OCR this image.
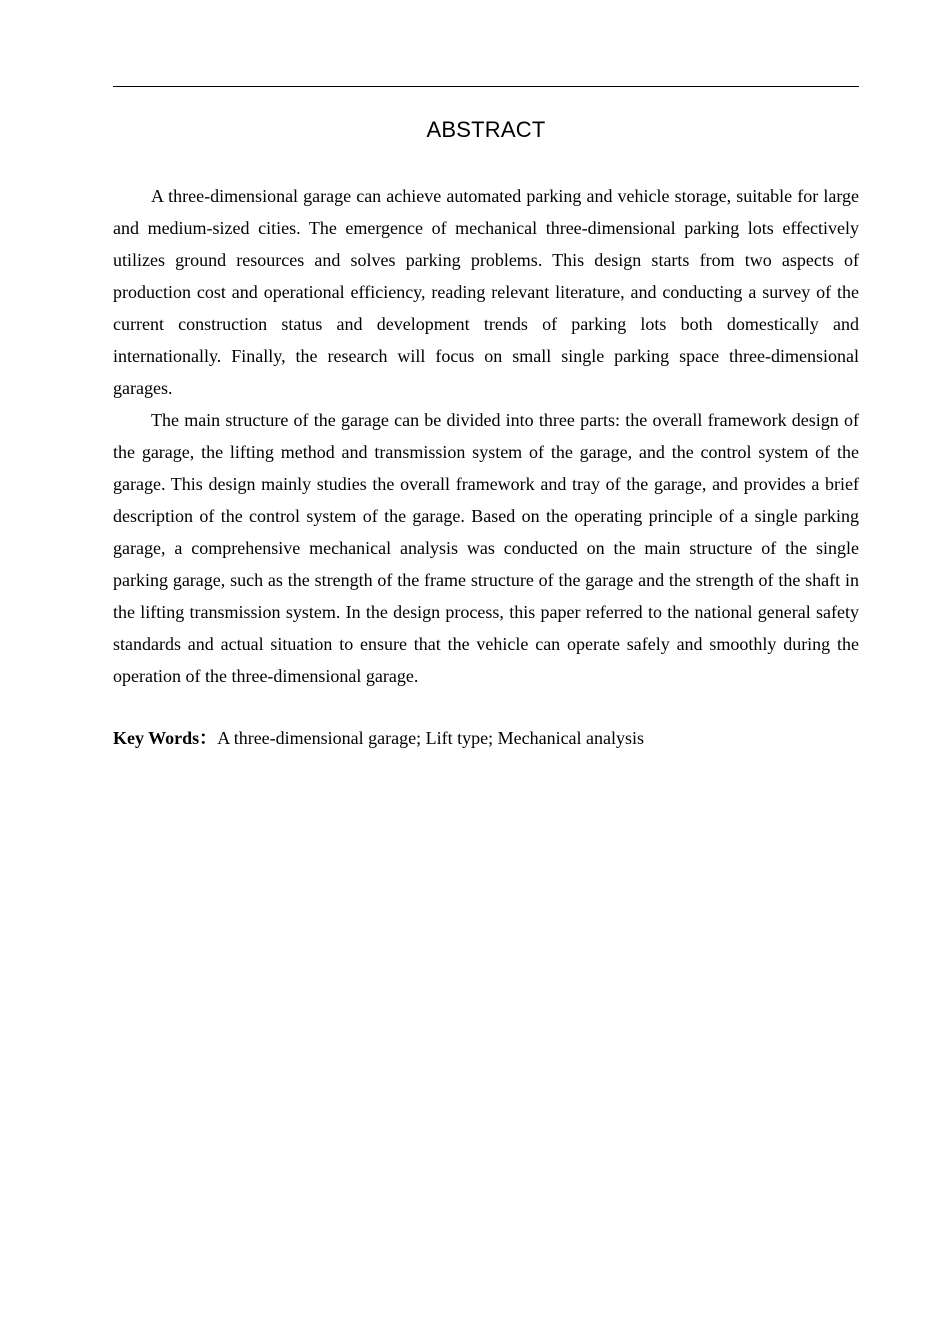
ABSTRACT

A three-dimensional garage can achieve automated parking and vehicle storage, suitable for large and medium-sized cities. The emergence of mechanical three-dimensional parking lots effectively utilizes ground resources and solves parking problems. This design starts from two aspects of production cost and operational efficiency, reading relevant literature, and conducting a survey of the current construction status and development trends of parking lots both domestically and internationally. Finally, the research will focus on small single parking space three-dimensional garages.

The main structure of the garage can be divided into three parts: the overall framework design of the garage, the lifting method and transmission system of the garage, and the control system of the garage. This design mainly studies the overall framework and tray of the garage, and provides a brief description of the control system of the garage. Based on the operating principle of a single parking garage, a comprehensive mechanical analysis was conducted on the main structure of the single parking garage, such as the strength of the frame structure of the garage and the strength of the shaft in the lifting transmission system. In the design process, this paper referred to the national general safety standards and actual situation to ensure that the vehicle can operate safely and smoothly during the operation of the three-dimensional garage.

Key Words：A three-dimensional garage; Lift type; Mechanical analysis
